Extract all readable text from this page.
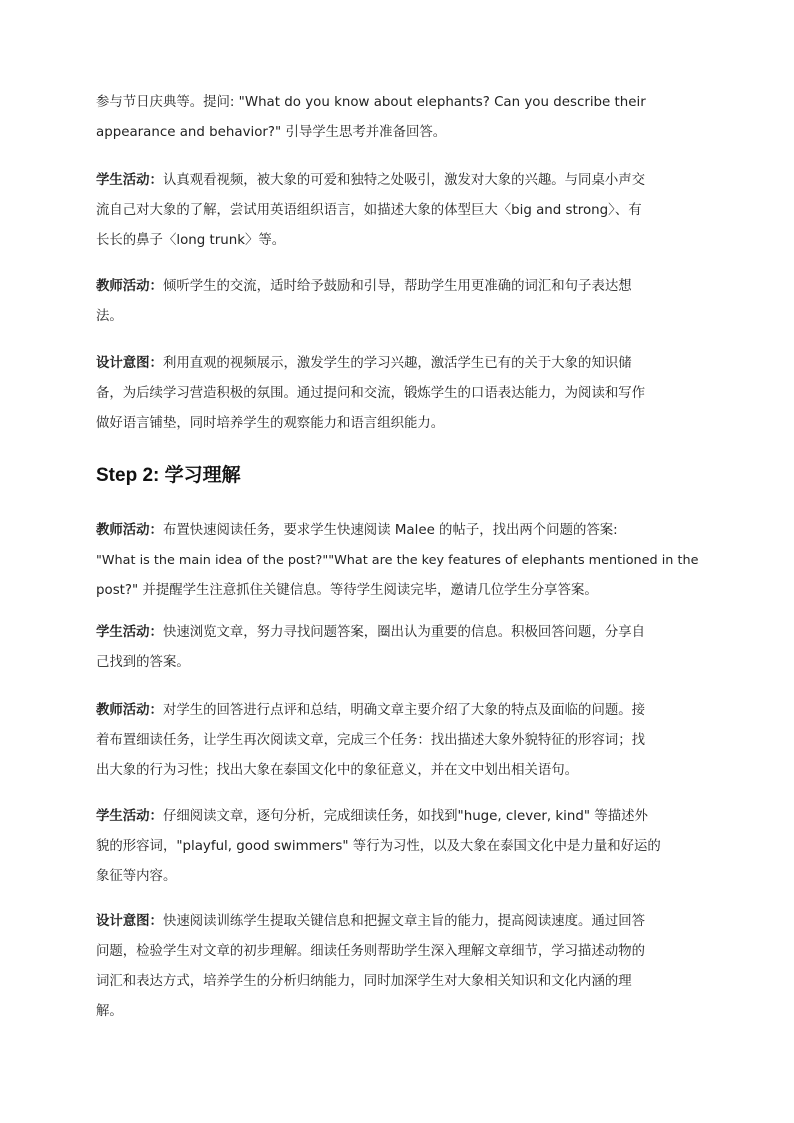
参与节日庆典等。提问: "What do you know about elephants? Can you describe their
appearance and behavior?" 引导学生思考并准备回答。
学生活动：认真观看视频，被大象的可爱和独特之处吸引，激发对大象的兴趣。与同桌小声交
流自己对大象的了解，尝试用英语组织语言，如描述大象的体型巨大〈big and strong〉、有
长长的鼻子〈long trunk〉等。
教师活动：倾听学生的交流，适时给予鼓励和引导，帮助学生用更准确的词汇和句子表达想
法。
设计意图：利用直观的视频展示，激发学生的学习兴趣，激活学生已有的关于大象的知识储
备，为后续学习营造积极的氛围。通过提问和交流，锻炼学生的口语表达能力，为阅读和写作
做好语言铺垫，同时培养学生的观察能力和语言组织能力。
Step 2: 学习理解
教师活动：布置快速阅读任务，要求学生快速阅读 Malee 的帖子，找出两个问题的答案:
"What is the main idea of the post?""What are the key features of elephants mentioned in the
post?" 并提醒学生注意抓住关键信息。等待学生阅读完毕，邀请几位学生分享答案。
学生活动：快速浏览文章，努力寻找问题答案，圈出认为重要的信息。积极回答问题，分享自
己找到的答案。
教师活动：对学生的回答进行点评和总结，明确文章主要介绍了大象的特点及面临的问题。接
着布置细读任务，让学生再次阅读文章，完成三个任务：找出描述大象外貌特征的形容词；找
出大象的行为习性；找出大象在泰国文化中的象征意义，并在文中划出相关语句。
学生活动：仔细阅读文章，逐句分析，完成细读任务，如找到"huge, clever, kind" 等描述外
貌的形容词，"playful, good swimmers" 等行为习性，以及大象在泰国文化中是力量和好运的
象征等内容。
设计意图：快速阅读训练学生提取关键信息和把握文章主旨的能力，提高阅读速度。通过回答
问题，检验学生对文章的初步理解。细读任务则帮助学生深入理解文章细节，学习描述动物的
词汇和表达方式，培养学生的分析归纳能力，同时加深学生对大象相关知识和文化内涵的理
解。
